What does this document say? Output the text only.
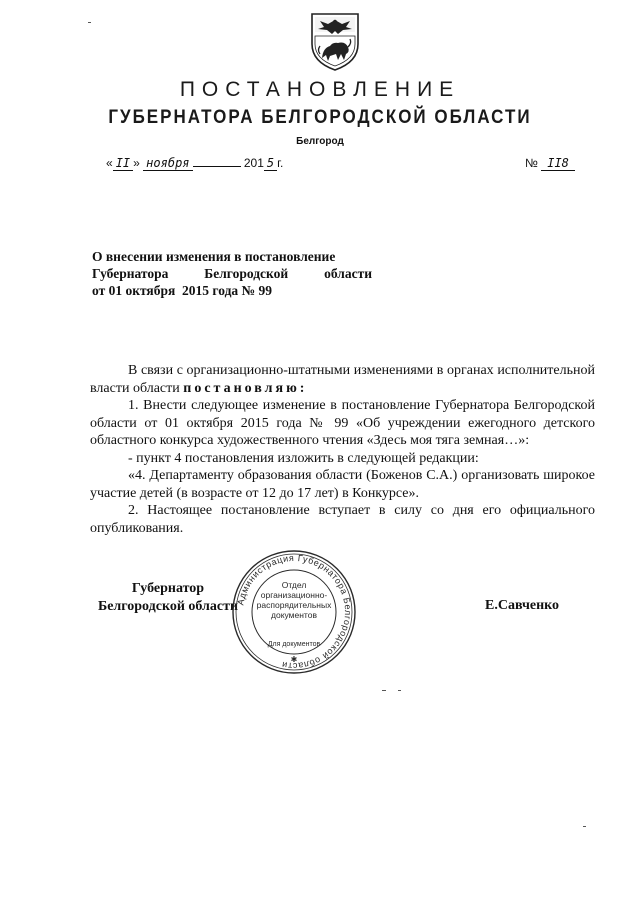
ПОСТАНОВЛЕНИЕ
ГУБЕРНАТОРА БЕЛГОРОДСКОЙ ОБЛАСТИ
Белгород
« II » ноября	201 5 г.	№ II8
О внесении изменения в постановление
Губернатора	Белгородской	области
от 01 октября  2015 года № 99

В связи с организационно-штатными изменениями в органах исполнительной власти области постановляю:

1. Внести следующее изменение в постановление Губернатора Белгородской области от 01 октября 2015 года № 99 «Об учреждении ежегодного детского областного конкурса художественного чтения «Здесь моя тяга земная…»:

- пункт 4 постановления изложить в следующей редакции:

«4. Департаменту образования области (Боженов С.А.) организовать широкое участие детей (в возрасте от 12 до 17 лет) в Конкурсе».

2. Настоящее постановление вступает в силу со дня его официального опубликования.

Губернатор
Белгородской области	Е.Савченко
Администрация Губернатора Белгородской области
Для документов
✱
Отдел
организационно-
распорядительных
документов
